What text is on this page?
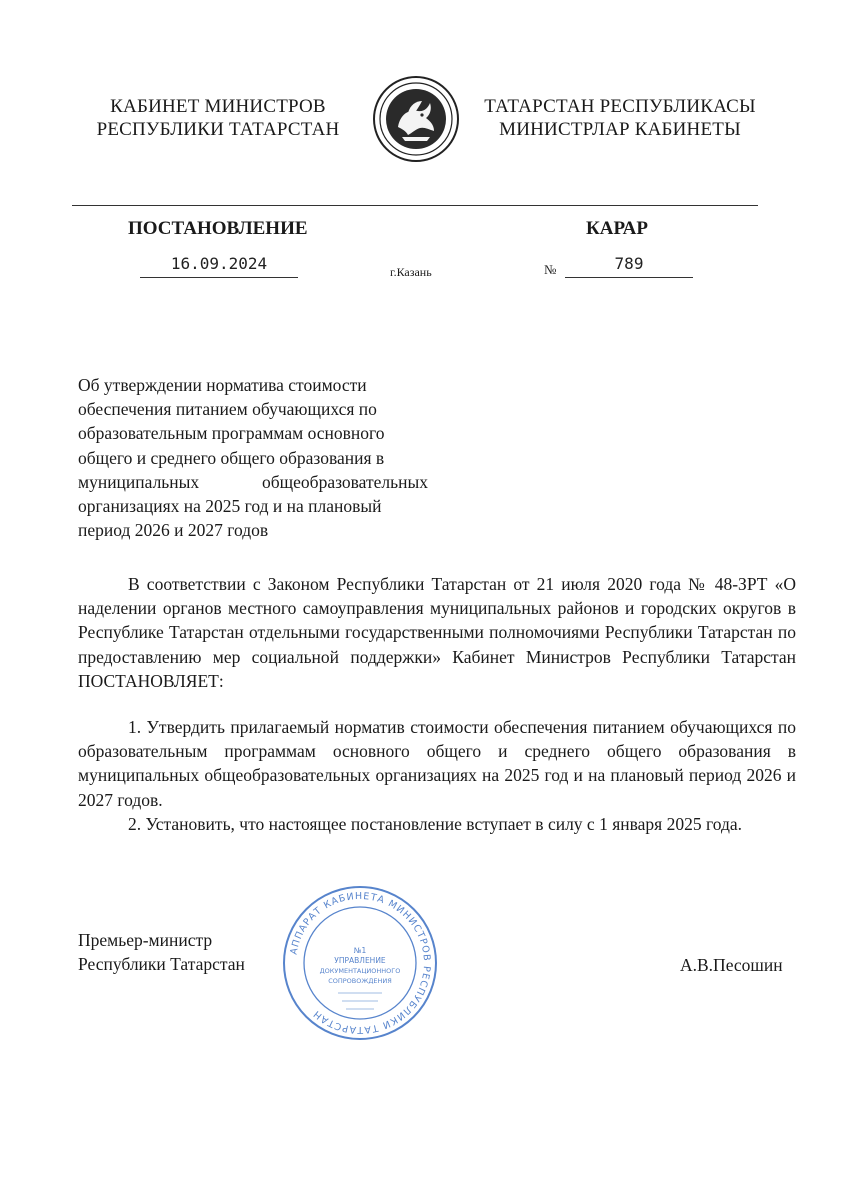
КАБИНЕТ МИНИСТРОВ
РЕСПУБЛИКИ ТАТАРСТАН
ТАТАРСТАН РЕСПУБЛИКАСЫ
МИНИСТРЛАР КАБИНЕТЫ
ПОСТАНОВЛЕНИЕ	КАРАР
16.09.2024	г.Казань	№	789
Об утверждении норматива стоимости
обеспечения питанием обучающихся по
образовательным программам основного
общего и среднего общего образования в
муниципальных общеобразовательных
организациях на 2025 год и на плановый
период 2026 и 2027 годов

В соответствии с Законом Республики Татарстан от 21 июля 2020 года № 48-ЗРТ «О наделении органов местного самоуправления муниципальных районов и городских округов в Республике Татарстан отдельными государственными полномочиями Республики Татарстан по предоставлению мер социальной поддержки» Кабинет Министров Республики Татарстан ПОСТАНОВЛЯЕТ:

1. Утвердить прилагаемый норматив стоимости обеспечения питанием обучающихся по образовательным программам основного общего и среднего общего образования в муниципальных общеобразовательных организациях на 2025 год и на плановый период 2026 и 2027 годов.

2. Установить, что настоящее постановление вступает в силу с 1 января 2025 года.

АППАРАТ КАБИНЕТА МИНИСТРОВ РЕСПУБЛИКИ ТАТАРСТАН
№1
УПРАВЛЕНИЕ
ДОКУМЕНТАЦИОННОГО
СОПРОВОЖДЕНИЯ
Премьер-министр
Республики Татарстан	А.В.Песошин
